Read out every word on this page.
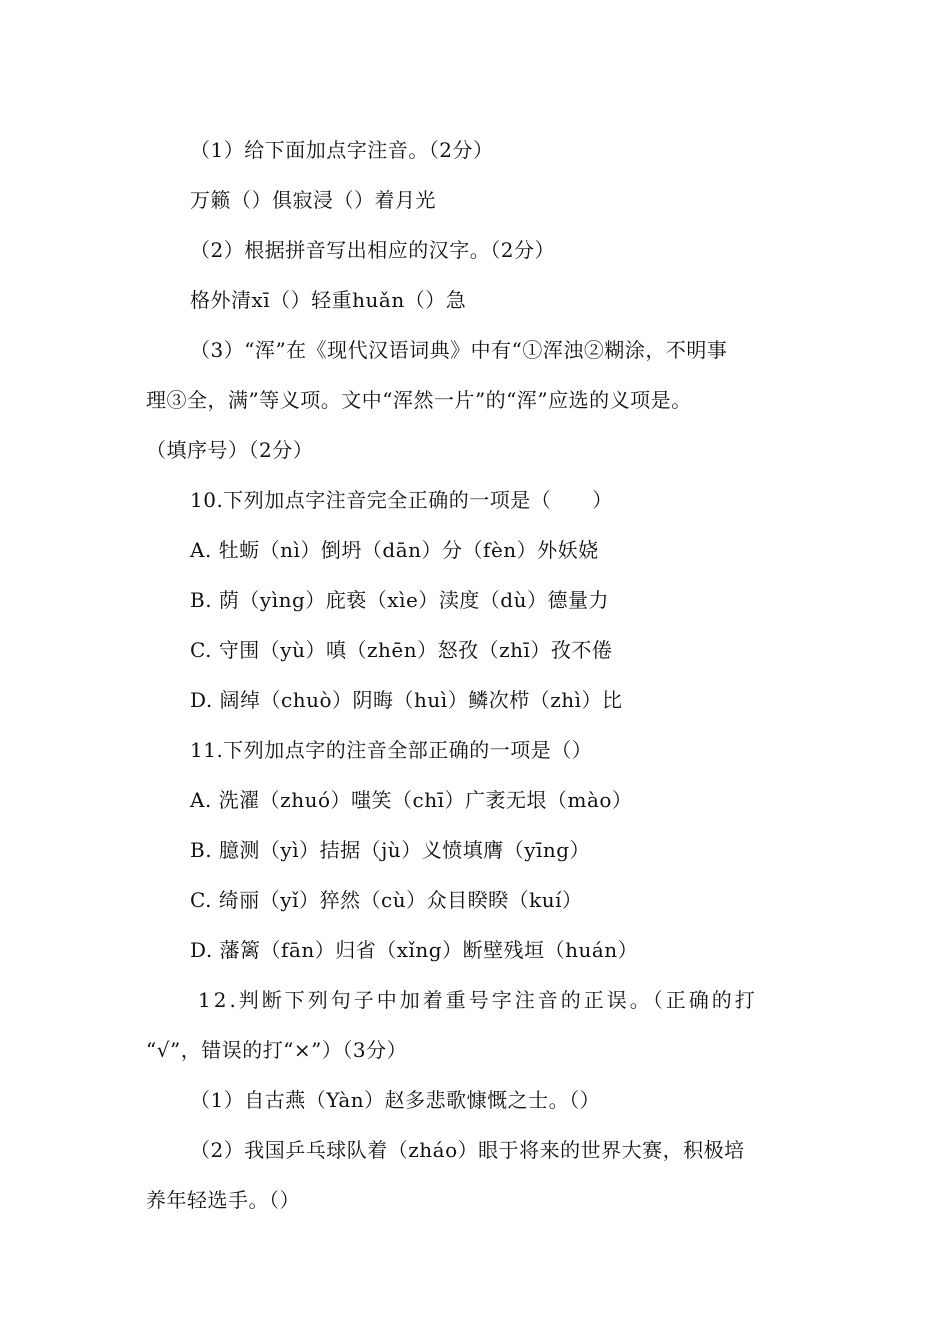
（1）给下面加点字注音。（2分）
万籁（）俱寂浸（）着月光
（2）根据拼音写出相应的汉字。（2分）
格外清xī（）轻重huǎn（）急
（3）“浑”在《现代汉语词典》中有“①浑浊②糊涂，不明事
理③全，满”等义项。文中“浑然一片”的“浑”应选的义项是。
（填序号）（2分）
10.下列加点字注音完全正确的一项是（　　）
A. 牡蛎（nì）倒坍（dān）分（fèn）外妖娆
B. 荫（yìng）庇亵（xìe）渎度（dù）德量力
C. 守围（yù）嗔（zhēn）怒孜（zhī）孜不倦
D. 阔绰（chuò）阴晦（huì）鳞次栉（zhì）比
11.下列加点字的注音全部正确的一项是（）
A. 洗濯（zhuó）嗤笑（chī）广袤无垠（mào）
B. 臆测（yì）拮据（jù）义愤填膺（yīng）
C. 绮丽（yǐ）猝然（cù）众目睽睽（kuí）
D. 藩篱（fān）归省（xǐng）断壁残垣（huán）
12.判断下列句子中加着重号字注音的正误。（正确的打
“√”，错误的打“×”）（3分）
（1）自古燕（Yàn）赵多悲歌慷慨之士。（）
（2）我国乒乓球队着（zháo）眼于将来的世界大赛，积极培
养年轻选手。（）
